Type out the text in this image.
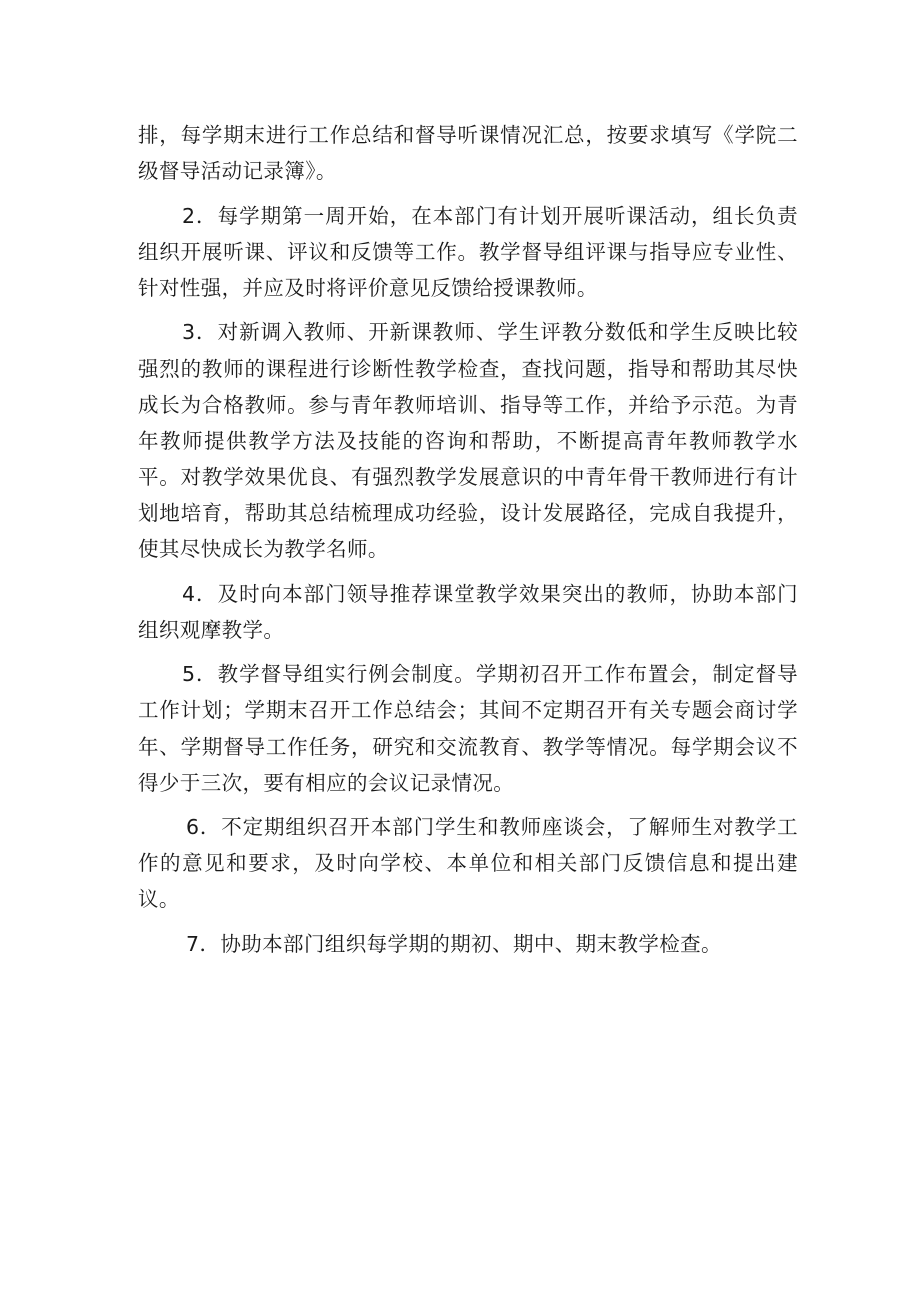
排，每学期末进行工作总结和督导听课情况汇总，按要求填写《学院二级督导活动记录簿》。

2．每学期第一周开始，在本部门有计划开展听课活动，组长负责组织开展听课、评议和反馈等工作。教学督导组评课与指导应专业性、针对性强，并应及时将评价意见反馈给授课教师。

3．对新调入教师、开新课教师、学生评教分数低和学生反映比较强烈的教师的课程进行诊断性教学检查，查找问题，指导和帮助其尽快成长为合格教师。参与青年教师培训、指导等工作，并给予示范。为青年教师提供教学方法及技能的咨询和帮助，不断提高青年教师教学水平。对教学效果优良、有强烈教学发展意识的中青年骨干教师进行有计划地培育，帮助其总结梳理成功经验，设计发展路径，完成自我提升，使其尽快成长为教学名师。

4．及时向本部门领导推荐课堂教学效果突出的教师，协助本部门组织观摩教学。

5．教学督导组实行例会制度。学期初召开工作布置会，制定督导工作计划；学期末召开工作总结会；其间不定期召开有关专题会商讨学年、学期督导工作任务，研究和交流教育、教学等情况。每学期会议不得少于三次，要有相应的会议记录情况。

6．不定期组织召开本部门学生和教师座谈会，了解师生对教学工作的意见和要求，及时向学校、本单位和相关部门反馈信息和提出建议。

7．协助本部门组织每学期的期初、期中、期末教学检查。
